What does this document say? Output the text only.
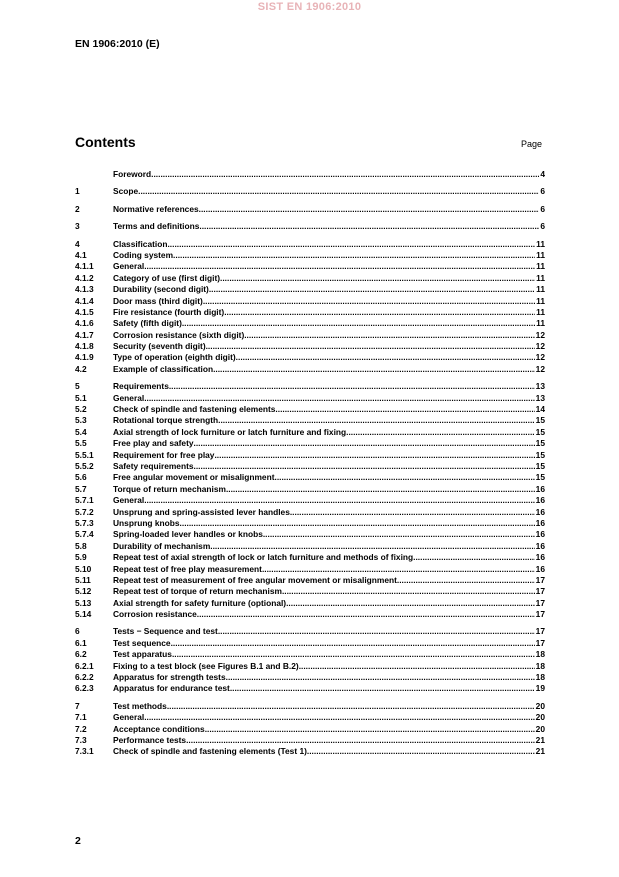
SIST EN 1906:2010
EN 1906:2010 (E)
Contents	Page
Foreword .....	4
1	Scope .....	6
2	Normative references .....	6
3	Terms and definitions .....	6
4	Classification .....	11
4.1	Coding system .....	11
4.1.1	General .....	11
4.1.2	Category of use (first digit) .....	11
4.1.3	Durability (second digit) .....	11
4.1.4	Door mass (third digit) .....	11
4.1.5	Fire resistance (fourth digit) .....	11
4.1.6	Safety (fifth digit) .....	11
4.1.7	Corrosion resistance (sixth digit) .....	12
4.1.8	Security (seventh digit) .....	12
4.1.9	Type of operation (eighth digit) .....	12
4.2	Example of classification .....	12
5	Requirements .....	13
5.1	General .....	13
5.2	Check of spindle and fastening elements .....	14
5.3	Rotational torque strength .....	15
5.4	Axial strength of lock furniture or latch furniture and fixing .....	15
5.5	Free play and safety .....	15
5.5.1	Requirement for free play .....	15
5.5.2	Safety requirements .....	15
5.6	Free angular movement or misalignment .....	15
5.7	Torque of return mechanism .....	16
5.7.1	General .....	16
5.7.2	Unsprung and spring-assisted lever handles .....	16
5.7.3	Unsprung knobs .....	16
5.7.4	Spring-loaded lever handles or knobs .....	16
5.8	Durability of mechanism .....	16
5.9	Repeat test of axial strength of lock or latch furniture and methods of fixing .....	16
5.10	Repeat test of free play measurement .....	16
5.11	Repeat test of measurement of free angular movement or misalignment .....	17
5.12	Repeat test of torque of return mechanism .....	17
5.13	Axial strength for safety furniture (optional) .....	17
5.14	Corrosion resistance .....	17
6	Tests − Sequence and test .....	17
6.1	Test sequence .....	17
6.2	Test apparatus .....	18
6.2.1	Fixing to a test block (see Figures B.1 and B.2) .....	18
6.2.2	Apparatus for strength tests .....	18
6.2.3	Apparatus for endurance test .....	19
7	Test methods .....	20
7.1	General .....	20
7.2	Acceptance conditions .....	20
7.3	Performance tests .....	21
7.3.1	Check of spindle and fastening elements (Test 1) .....	21
2
